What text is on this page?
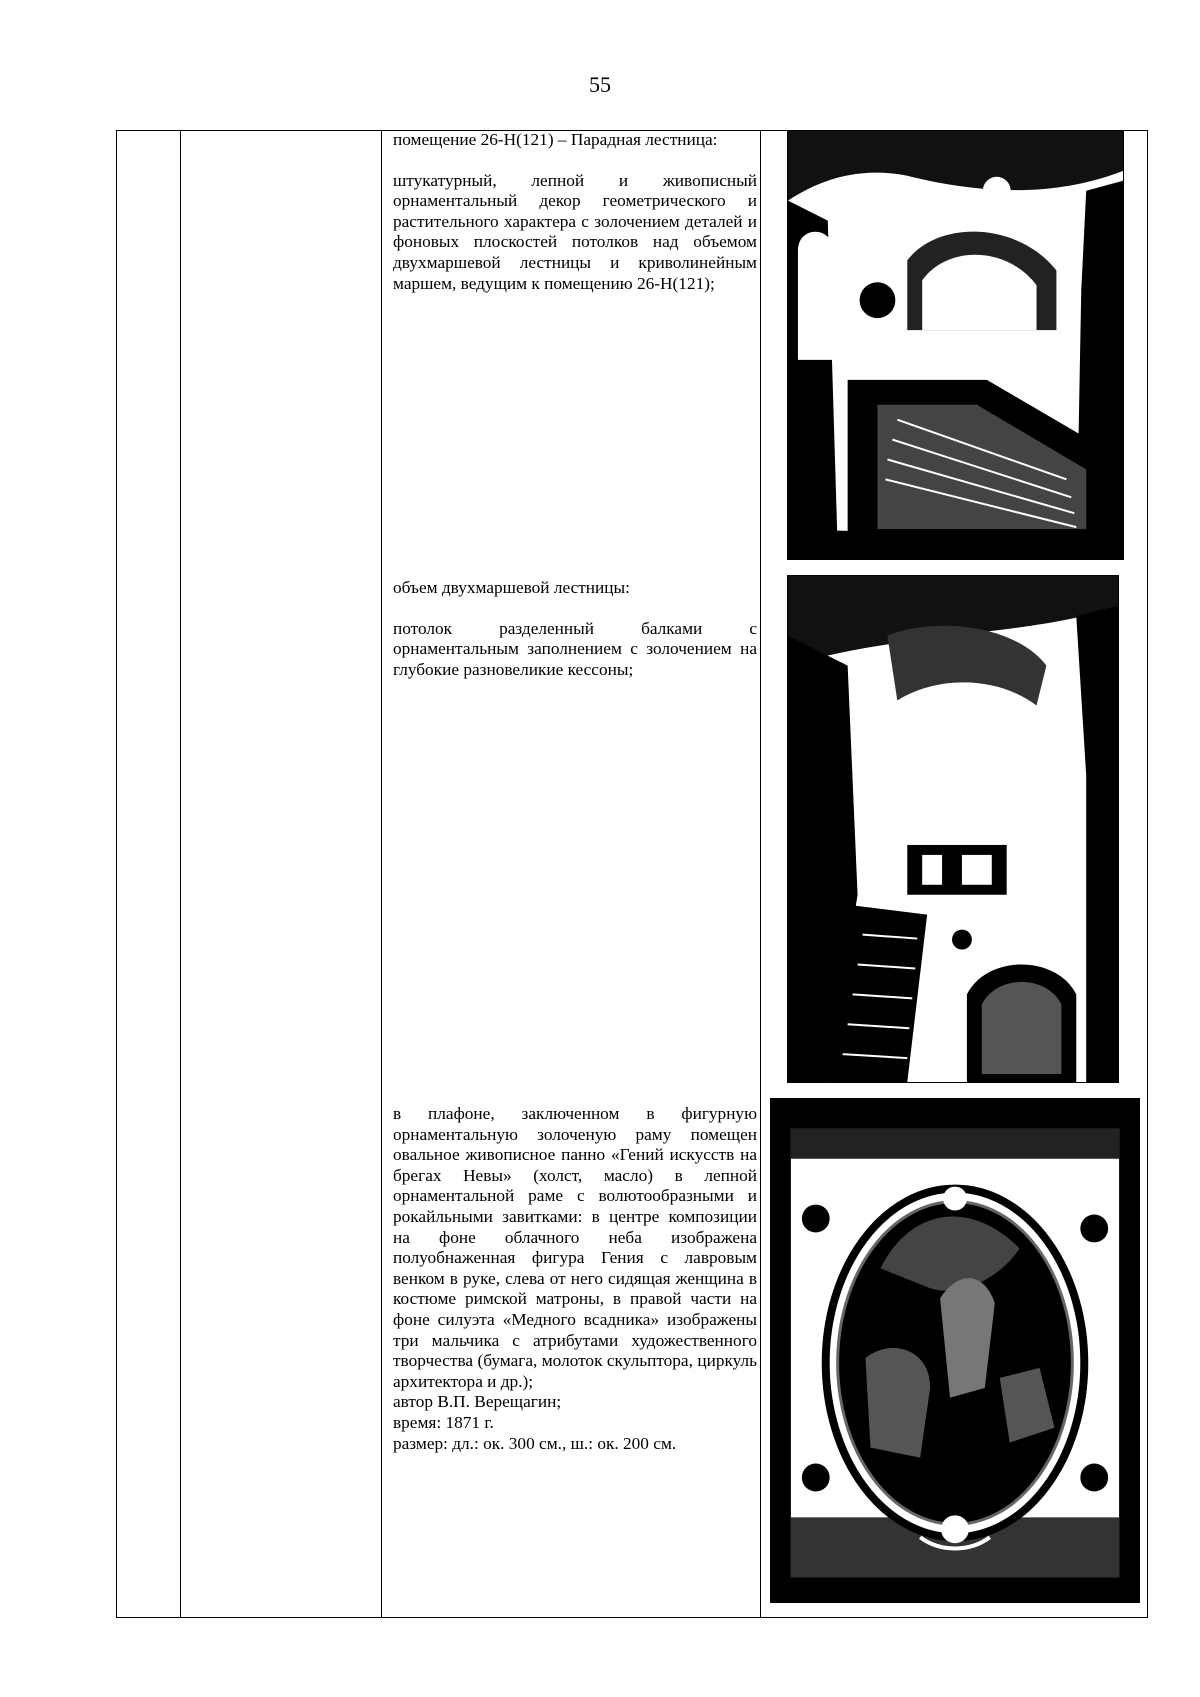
55

помещение 26-Н(121) – Парадная лестница:

штукатурный, лепной и живописный орнаментальный декор геометрического и растительного характера с золочением деталей и фоновых плоскостей потолков над объемом двухмаршевой лестницы и криволинейным маршем, ведущим к помещению 26-Н(121);

объем двухмаршевой лестницы:

потолок разделенный балками с орнаментальным заполнением с золочением на глубокие разновеликие кессоны;

в плафоне, заключенном в фигурную орнаментальную золоченую раму помещен овальное живописное панно «Гений искусств на брегах Невы» (холст, масло) в лепной орнаментальной раме с волютообразными и рокайльными завитками: в центре композиции на фоне облачного неба изображена полуобнаженная фигура Гения с лавровым венком в руке, слева от него сидящая женщина в костюме римской матроны, в правой части на фоне силуэта «Медного всадника» изображены три мальчика с атрибутами художественного творчества (бумага, молоток скульптора, циркуль архитектора и др.);

автор В.П. Верещагин;

время: 1871 г.

размер: дл.: ок. 300 см., ш.: ок. 200 см.
